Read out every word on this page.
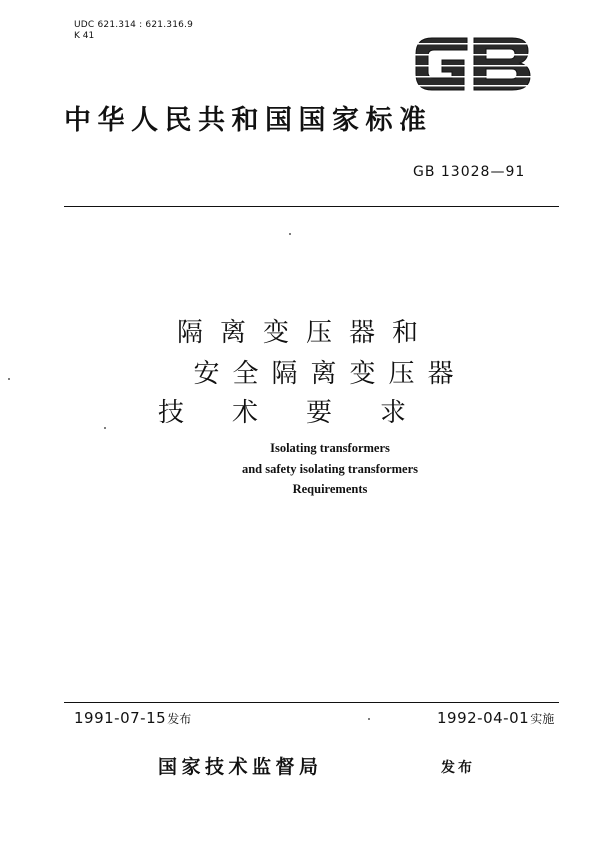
UDC 621.314 : 621.316.9
K 41
中华人民共和国国家标准
GB 13028—91
隔离变压器和
安全隔离变压器
技术要求
Isolating transformers
and safety isolating transformers
Requirements
1991-07-15发布	1992-04-01实施
国家技术监督局	发布
